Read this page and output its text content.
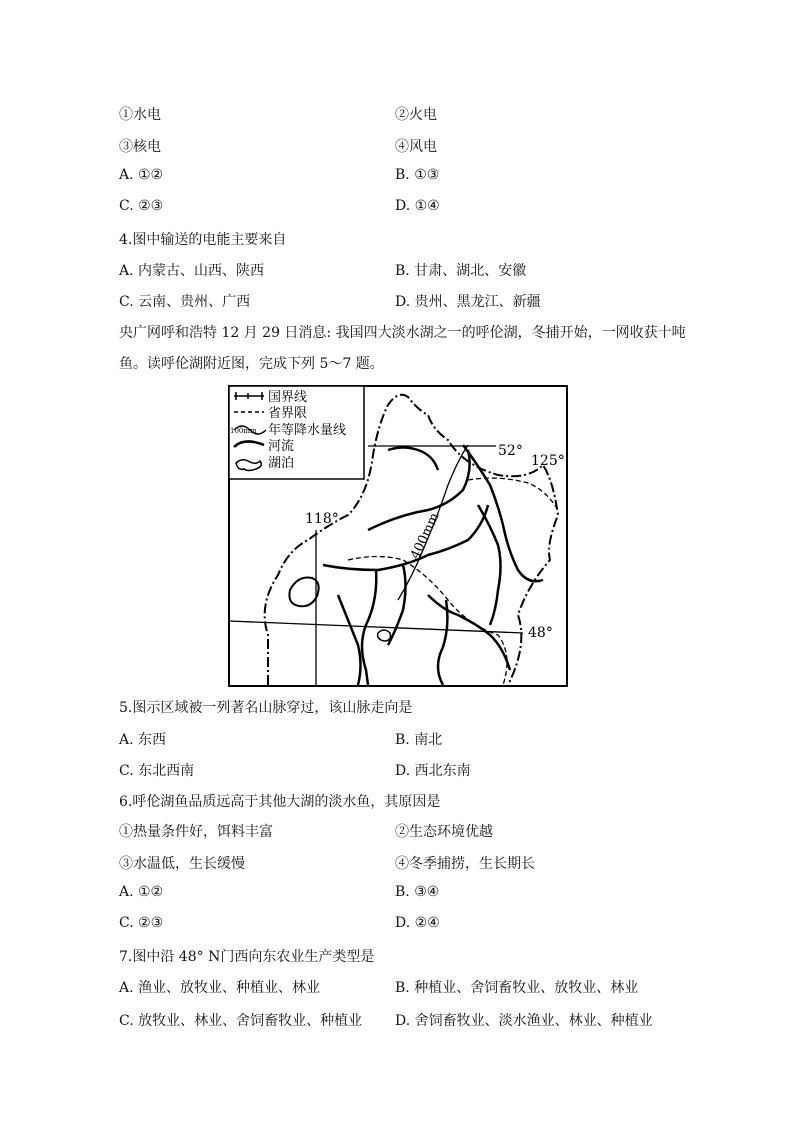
①水电	②火电
③核电	④风电
A. ①②	B. ①③
C. ②③	D. ①④
4.图中输送的电能主要来自
A. 内蒙古、山西、陕西	B. 甘肃、湖北、安徽
C. 云南、贵州、广西	D. 贵州、黑龙江、新疆
央广网呼和浩特 12 月 29 日消息: 我国四大淡水湖之一的呼伦湖，冬捕开始，一网收获十吨
鱼。读呼伦湖附近图，完成下列 5～7 题。
国界线
省界限
100mm 年等降水量线
河流
湖泊
52°
125°
118°
48°
400mm
5.图示区域被一列著名山脉穿过，该山脉走向是
A. 东西	B. 南北
C. 东北西南	D. 西北东南
6.呼伦湖鱼品质远高于其他大湖的淡水鱼，其原因是
①热量条件好，饵料丰富	②生态环境优越
③水温低，生长缓慢	④冬季捕捞，生长期长
A. ①②	B. ③④
C. ②③	D. ②④
7.图中沿 48° N门西向东农业生产类型是
A. 渔业、放牧业、种植业、林业	B. 种植业、舍饲畜牧业、放牧业、林业
C. 放牧业、林业、舍饲畜牧业、种植业 D. 舍饲畜牧业、淡水渔业、林业、种植业
